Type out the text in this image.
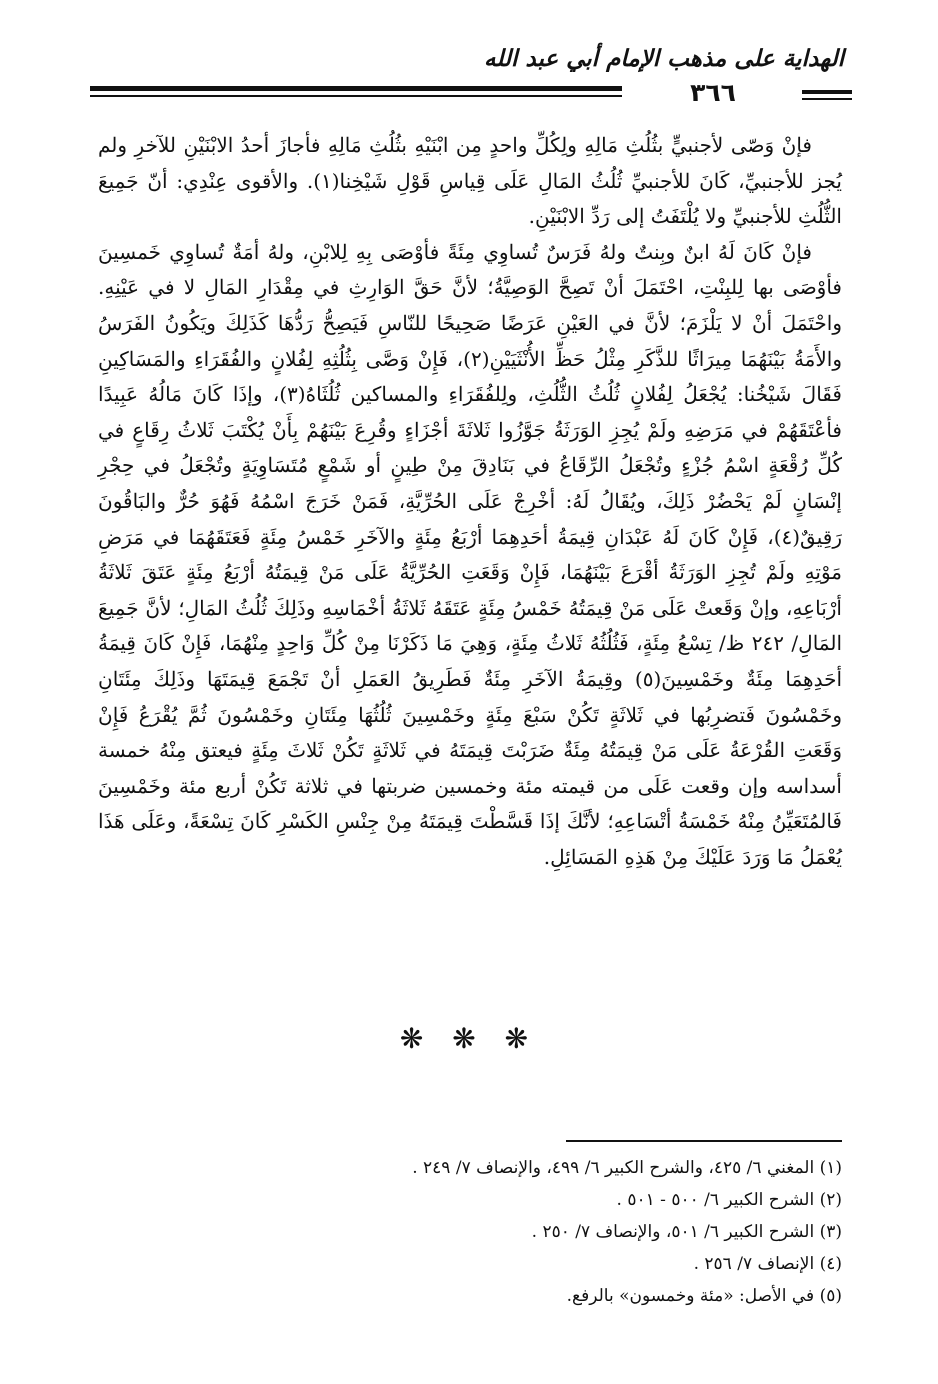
الهداية على مذهب الإمام أبي عبد الله
٣٦٦

فإنْ وَصّى لأجنبيٍّ بثُلُثِ مَالِهِ ولِكُلِّ واحدٍ مِن ابْنَيْهِ بثُلُثِ مَالِهِ فأجازَ أحدُ الابْنَيْنِ للآخرِ ولم يُجز للأجنبيِّ، كَانَ للأجنبيِّ ثُلُثُ المَالِ عَلَى قِياسِ قَوْلِ شَيْخِنا(١). والأقوى عِنْدِي: أنّ جَمِيعَ الثُّلُثِ للأجنبيِّ ولا يُلْتَفَتُ إلى رَدِّ الابْنَيْنِ.

فإنْ كَانَ لَهُ ابنٌ وبِنتٌ ولهُ فَرَسٌ تُساوِي مِئَةً فأوْصَى بِهِ لِلابْنِ، ولهُ أمَةٌ تُساوِي خَمسِينَ فأوْصَى بها لِلبِنْتِ، احْتَمَلَ أنْ تَصِحَّ الوَصِيَّةُ؛ لأنَّ حَقَّ الوَارِثِ في مِقْدَارِ المَالِ لا في عَيْنِهِ. واحْتَمَلَ أنْ لا يَلْزَمَ؛ لأنَّ في العَيْنِ عَرَضًا صَحِيحًا للنّاسِ فَيَصِحُّ رَدُّهَا كَذَلِكَ ويَكُونُ الفَرَسُ والأَمَةُ بَيْنَهُمَا مِيرَاثًا للذَّكَرِ مِثْلُ حَظِّ الأُنْثَيَيْنِ(٢)، فَإِنْ وَصَّى بِثُلُثِهِ لِفُلانٍ والفُقَرَاءِ والمَسَاكِينِ فَقَالَ شَيْخُنا: يُجْعَلُ لِفُلانٍ ثُلُثُ الثُّلُثِ، ولِلفُقَرَاءِ والمساكين ثُلُثَاهُ(٣)، وإذَا كَانَ مَالُهُ عَبِيدًا فأعْتَقَهُمْ في مَرَضِهِ ولَمْ يُجِزِ الوَرَثَةُ جَوَّزُوا ثَلاثَةَ أجْزَاءٍ وقُرِعَ بَيْنَهُمْ بِأَنْ يُكْتَبَ ثَلاثُ رِقَاعٍ في كُلِّ رُقْعَةٍ اسْمُ جُزْءٍ وتُجْعَلُ الرِّقَاعُ في بَنَادِقَ مِنْ طِينٍ أو شَمْعٍ مُتَسَاوِيَةٍ وتُجْعَلُ في حِجْرِ إنْسَانٍ لَمْ يَحْضُرْ ذَلِكَ، ويُقَالُ لَهُ: أخْرِجْ عَلَى الحُرِّيَّةِ، فَمَنْ خَرَجَ اسْمُهُ فَهُوَ حُرٌّ والبَاقُونَ رَقِيقٌ(٤)، فَإِنْ كَانَ لَهُ عَبْدَانِ قِيمَةُ أحَدِهِمَا أرْبَعُ مِئَةٍ والآخَرِ خَمْسُ مِئَةٍ فَعَتَقَهُمَا في مَرَضِ مَوْتِهِ ولَمْ تُجِزِ الوَرَثَةُ أقْرَعَ بَيْنَهُمَا، فَإِنْ وَقَعَتِ الحُرِّيَّةُ عَلَى مَنْ قِيمَتُهُ أرْبَعُ مِئَةٍ عَتَقَ ثَلاثَةُ أرْبَاعِهِ، وإنْ وَقَعتْ عَلَى مَنْ قِيمَتُهُ خَمْسُ مِئَةٍ عَتَقَهُ ثَلاثَةُ أخْمَاسِهِ وذَلِكَ ثُلُثُ المَالِ؛ لأنَّ جَمِيعَ المَالِ/ ٢٤٢ ظ/ تِسْعُ مِئَةٍ، فَثُلُثُهُ ثَلاثُ مِئَةٍ، وَهِيَ مَا ذَكَرْنَا مِنْ كُلِّ وَاحِدٍ مِنْهُمَا، فَإِنْ كَانَ قِيمَةُ أحَدِهِمَا مِئَةٌ وخَمْسِينَ(٥) وقِيمَةُ الآخَرِ مِئَةٌ فَطَرِيقُ العَمَلِ أنْ تَجْمَعَ قِيمَتَهَا وذَلِكَ مِئَتَانِ وخَمْسُونَ فَتضرِبُها في ثَلاثَةٍ تَكُنْ سَبْعَ مِئَةٍ وخَمْسِينَ ثُلُثُهَا مِئَتَانِ وخَمْسُونَ ثُمَّ يُقْرَعُ فَإِنْ وَقَعَتِ القُرْعَةُ عَلَى مَنْ قِيمَتُهُ مِئَةٌ ضَرَبْتَ قِيمَتَهُ في ثَلاثَةٍ تَكُنْ ثَلاثَ مِئَةٍ فيعتق مِنْهُ خمسة أسداسه وإن وقعت عَلَى من قيمته مئة وخمسين ضربتها في ثلاثة تَكُنْ أربع مئة وخَمْسِينَ فَالمُتَعَيِّنُ مِنْهُ خَمْسَةُ أتْسَاعِهِ؛ لأنَّكَ إذَا قَسَّطْتَ قِيمَتَهُ مِنْ جِنْسِ الكَسْرِ كَانَ تِسْعَةً، وعَلَى هَذَا يُعْمَلُ مَا وَرَدَ عَلَيْكَ مِنْ هَذِهِ المَسَائِلِ.

❋ ❋ ❋
(١) المغني ٦/ ٤٢٥، والشرح الكبير ٦/ ٤٩٩، والإنصاف ٧/ ٢٤٩ .
(٢) الشرح الكبير ٦/ ٥٠٠ - ٥٠١ .
(٣) الشرح الكبير ٦/ ٥٠١، والإنصاف ٧/ ٢٥٠ .
(٤) الإنصاف ٧/ ٢٥٦ .
(٥) في الأصل: «مئة وخمسون» بالرفع.
